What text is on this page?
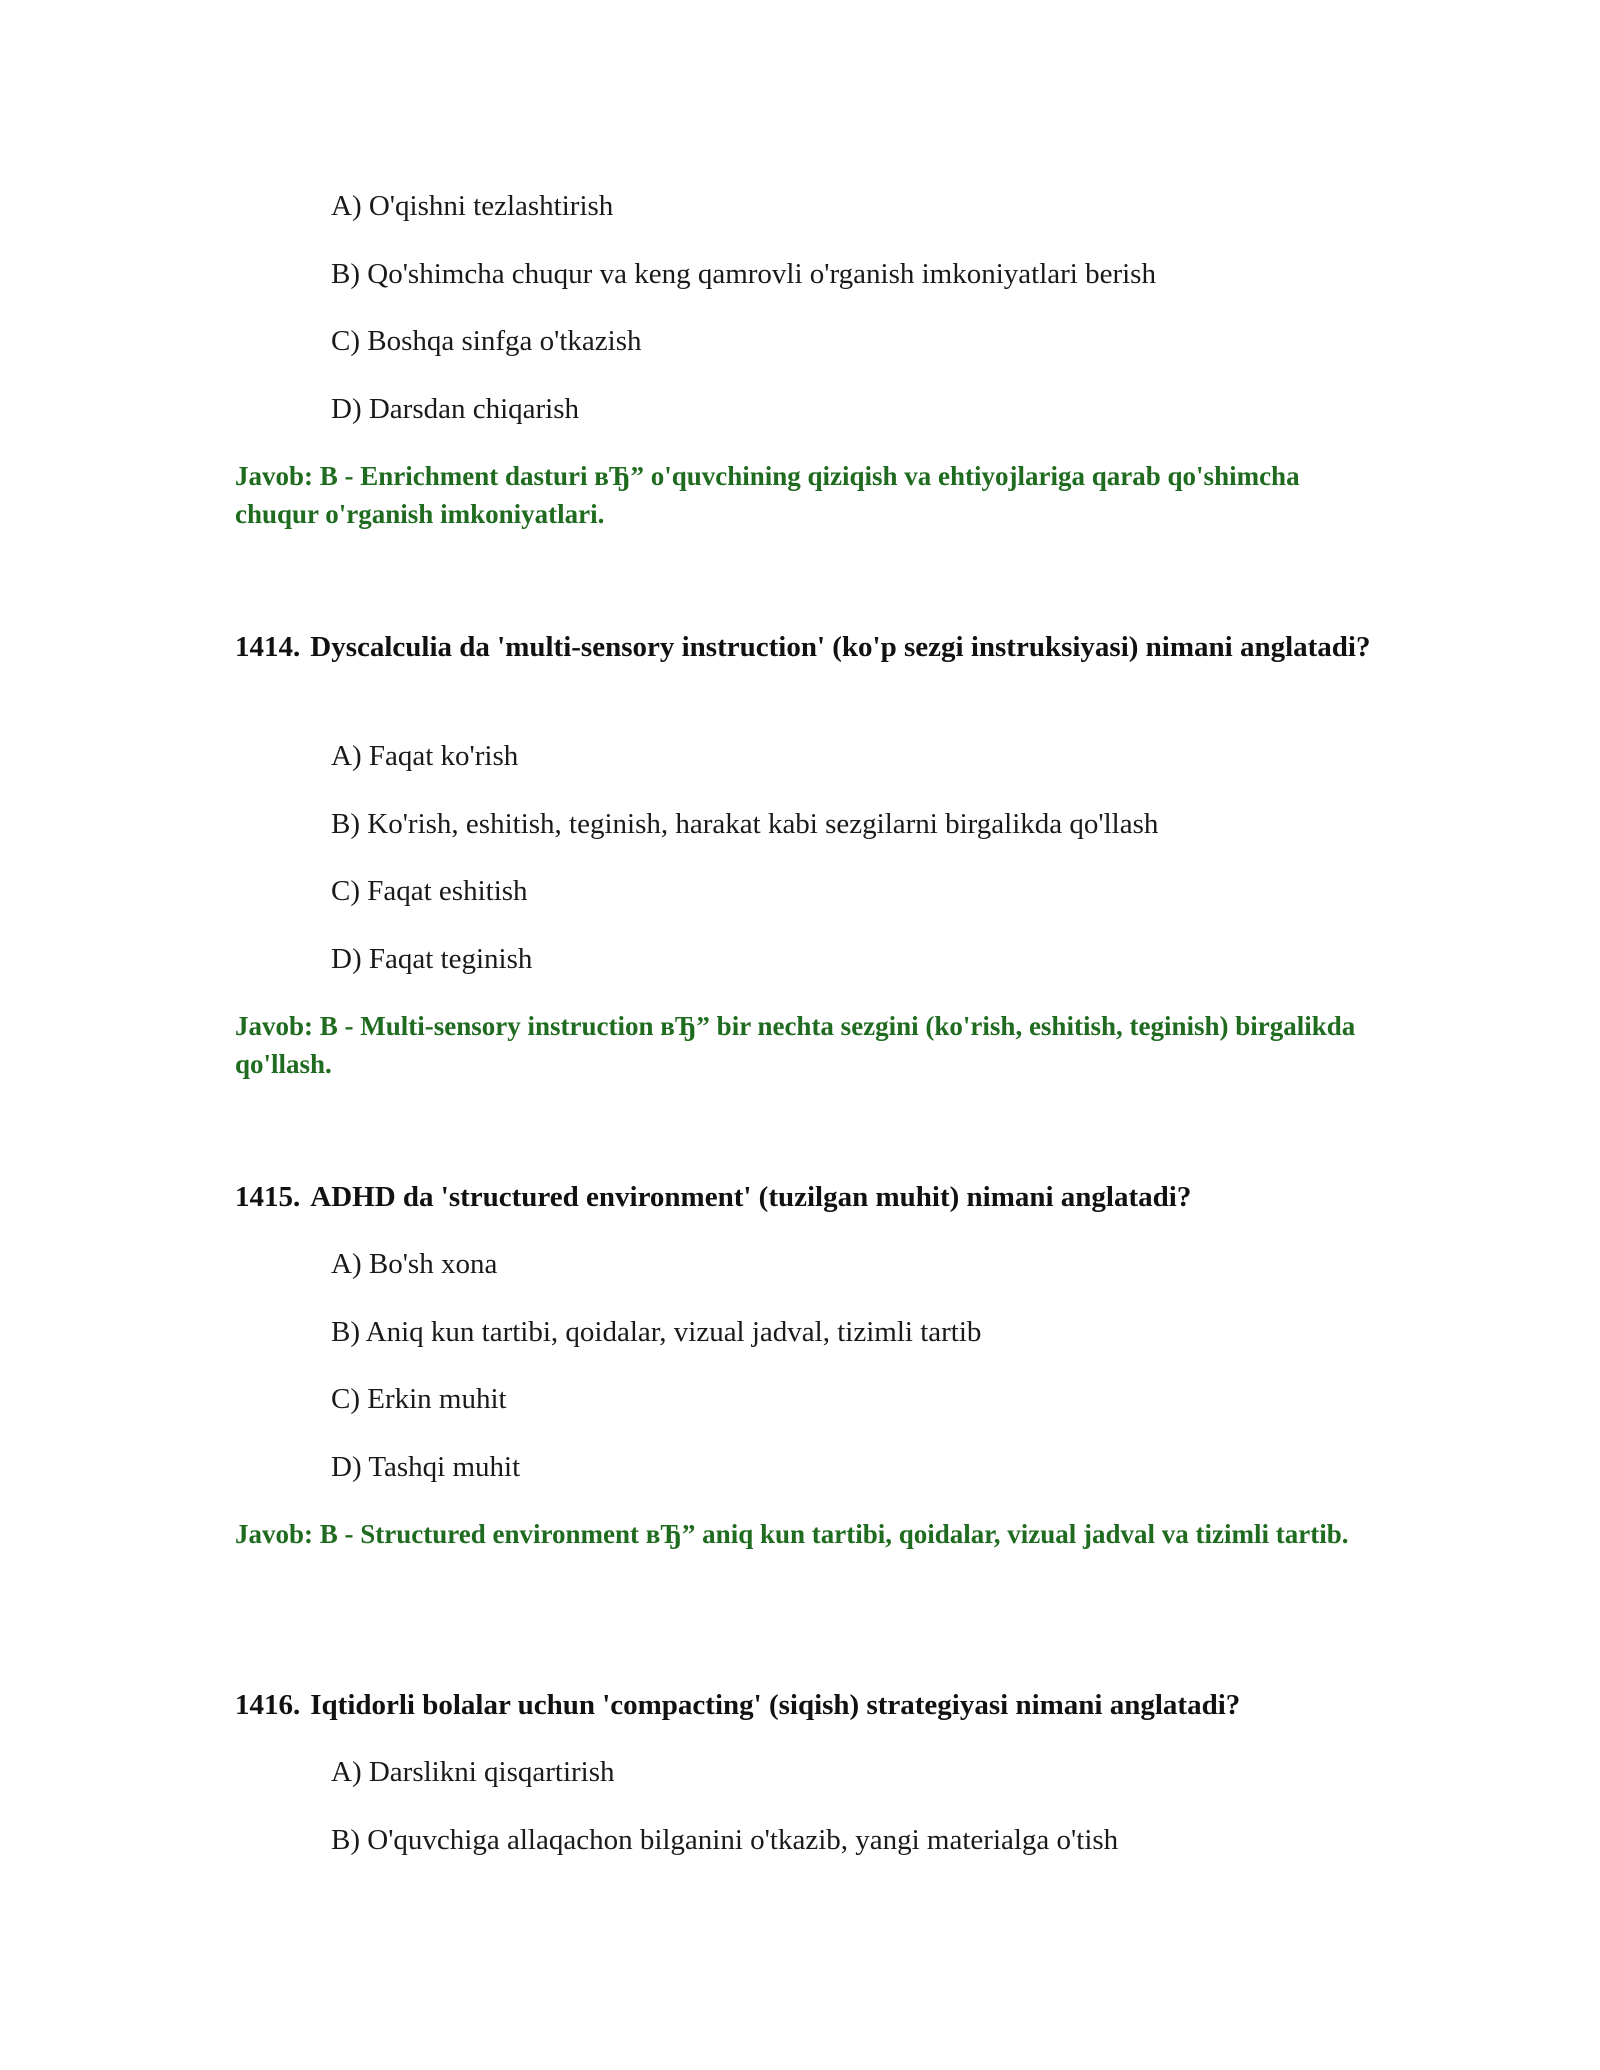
A) O'qishni tezlashtirish
B) Qo'shimcha chuqur va keng qamrovli o'rganish imkoniyatlari berish
C) Boshqa sinfga o'tkazish
D) Darsdan chiqarish
Javob: B - Enrichment dasturi вЂ” o'quvchining qiziqish va ehtiyojlariga qarab qo'shimcha chuqur o'rganish imkoniyatlari.
1414. Dyscalculia da 'multi-sensory instruction' (ko'p sezgi instruksiyasi) nimani anglatadi?
A) Faqat ko'rish
B) Ko'rish, eshitish, teginish, harakat kabi sezgilarni birgalikda qo'llash
C) Faqat eshitish
D) Faqat teginish
Javob: B - Multi-sensory instruction вЂ” bir nechta sezgini (ko'rish, eshitish, teginish) birgalikda qo'llash.
1415. ADHD da 'structured environment' (tuzilgan muhit) nimani anglatadi?
A) Bo'sh xona
B) Aniq kun tartibi, qoidalar, vizual jadval, tizimli tartib
C) Erkin muhit
D) Tashqi muhit
Javob: B - Structured environment вЂ” aniq kun tartibi, qoidalar, vizual jadval va tizimli tartib.
1416. Iqtidorli bolalar uchun 'compacting' (siqish) strategiyasi nimani anglatadi?
A) Darslikni qisqartirish
B) O'quvchiga allaqachon bilganini o'tkazib, yangi materialga o'tish
